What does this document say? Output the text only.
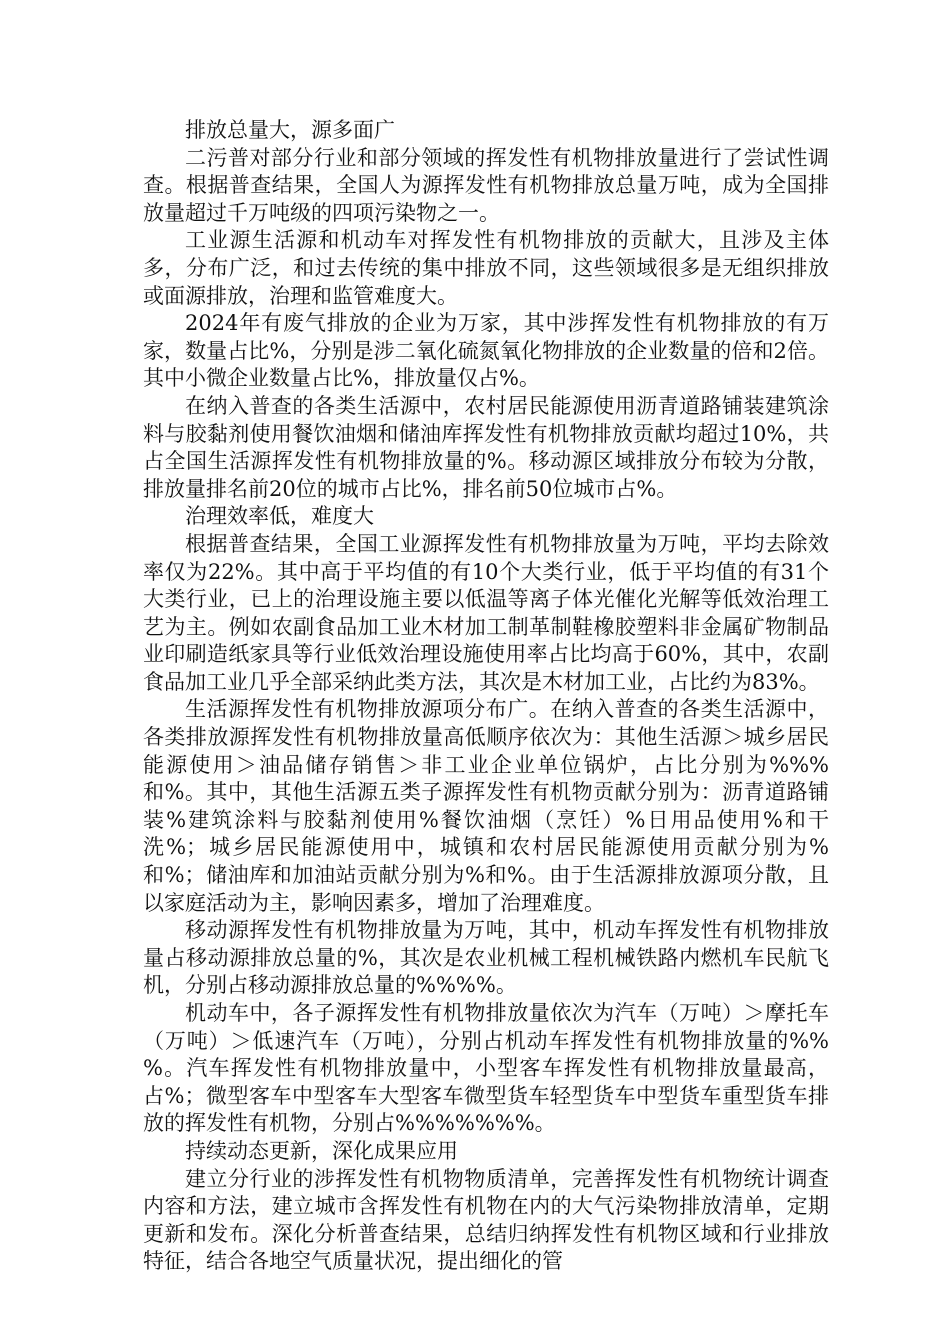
排放总量大，源多面广

二污普对部分行业和部分领域的挥发性有机物排放量进行了尝试性调查。根据普查结果，全国人为源挥发性有机物排放总量万吨，成为全国排放量超过千万吨级的四项污染物之一。

工业源生活源和机动车对挥发性有机物排放的贡献大，且涉及主体多，分布广泛，和过去传统的集中排放不同，这些领域很多是无组织排放或面源排放，治理和监管难度大。

2024年有废气排放的企业为万家，其中涉挥发性有机物排放的有万家，数量占比%，分别是涉二氧化硫氮氧化物排放的企业数量的倍和2倍。其中小微企业数量占比%，排放量仅占%。

在纳入普查的各类生活源中，农村居民能源使用沥青道路铺装建筑涂料与胶黏剂使用餐饮油烟和储油库挥发性有机物排放贡献均超过10%，共占全国生活源挥发性有机物排放量的%。移动源区域排放分布较为分散，排放量排名前20位的城市占比%，排名前50位城市占%。

治理效率低，难度大

根据普查结果，全国工业源挥发性有机物排放量为万吨，平均去除效率仅为22%。其中高于平均值的有10个大类行业，低于平均值的有31个大类行业，已上的治理设施主要以低温等离子体光催化光解等低效治理工艺为主。例如农副食品加工业木材加工制革制鞋橡胶塑料非金属矿物制品业印刷造纸家具等行业低效治理设施使用率占比均高于60%，其中，农副食品加工业几乎全部采纳此类方法，其次是木材加工业，占比约为83%。

生活源挥发性有机物排放源项分布广。在纳入普查的各类生活源中，各类排放源挥发性有机物排放量高低顺序依次为：其他生活源＞城乡居民能源使用＞油品储存销售＞非工业企业单位锅炉，占比分别为%%%和%。其中，其他生活源五类子源挥发性有机物贡献分别为：沥青道路铺装%建筑涂料与胶黏剂使用%餐饮油烟（烹饪）%日用品使用%和干洗%；城乡居民能源使用中，城镇和农村居民能源使用贡献分别为%和%；储油库和加油站贡献分别为%和%。由于生活源排放源项分散，且以家庭活动为主，影响因素多，增加了治理难度。

移动源挥发性有机物排放量为万吨，其中，机动车挥发性有机物排放量占移动源排放总量的%，其次是农业机械工程机械铁路内燃机车民航飞机，分别占移动源排放总量的%%%%。

机动车中，各子源挥发性有机物排放量依次为汽车（万吨）＞摩托车（万吨）＞低速汽车（万吨），分别占机动车挥发性有机物排放量的%%%。汽车挥发性有机物排放量中，小型客车挥发性有机物排放量最高，占%；微型客车中型客车大型客车微型货车轻型货车中型货车重型货车排放的挥发性有机物，分别占%%%%%%%。

持续动态更新，深化成果应用

建立分行业的涉挥发性有机物物质清单，完善挥发性有机物统计调查内容和方法，建立城市含挥发性有机物在内的大气污染物排放清单，定期更新和发布。深化分析普查结果，总结归纳挥发性有机物区域和行业排放特征，结合各地空气质量状况，提出细化的管
